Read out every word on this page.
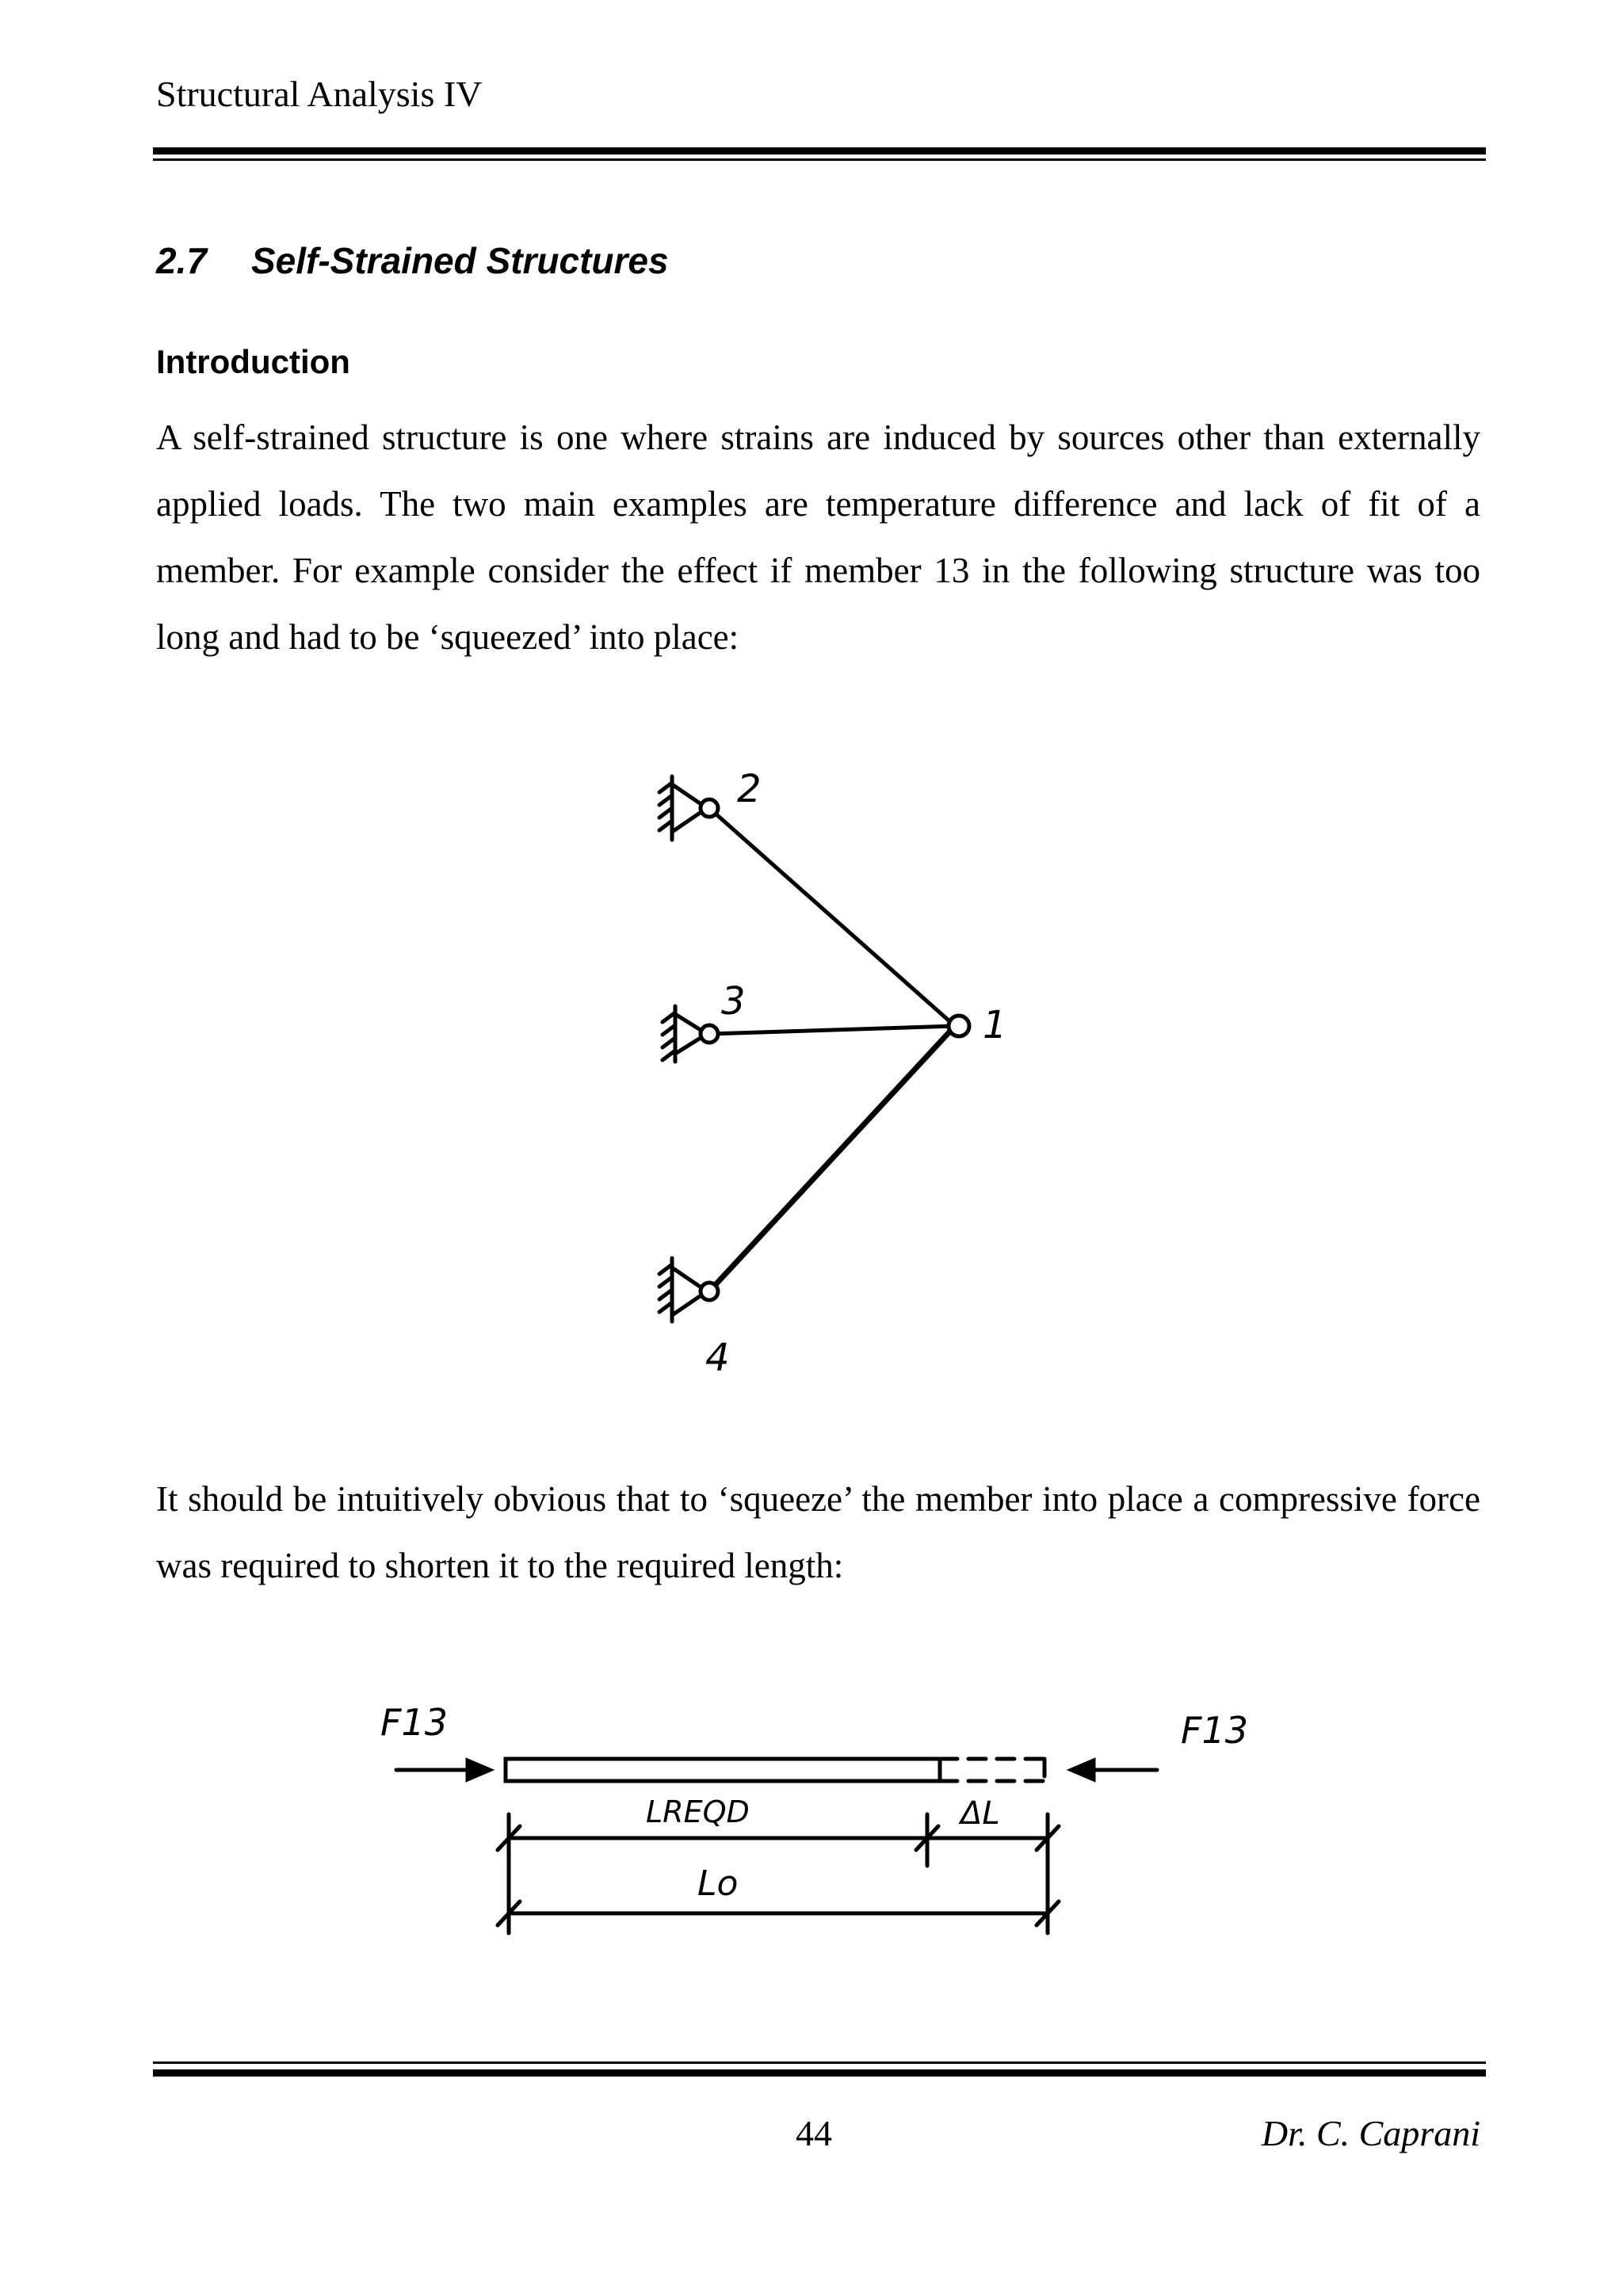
Structural Analysis IV
2.7 Self-Strained Structures
Introduction

A self-strained structure is one where strains are induced by sources other than externally applied loads. The two main examples are temperature difference and lack of fit of a member. For example consider the effect if member 13 in the following structure was too long and had to be ‘squeezed’ into place:

2
3
1
4

It should be intuitively obvious that to ‘squeeze’ the member into place a compressive force was required to shorten it to the required length:

F13	F13
LREQD	ΔL
Lo
44	Dr. C. Caprani
